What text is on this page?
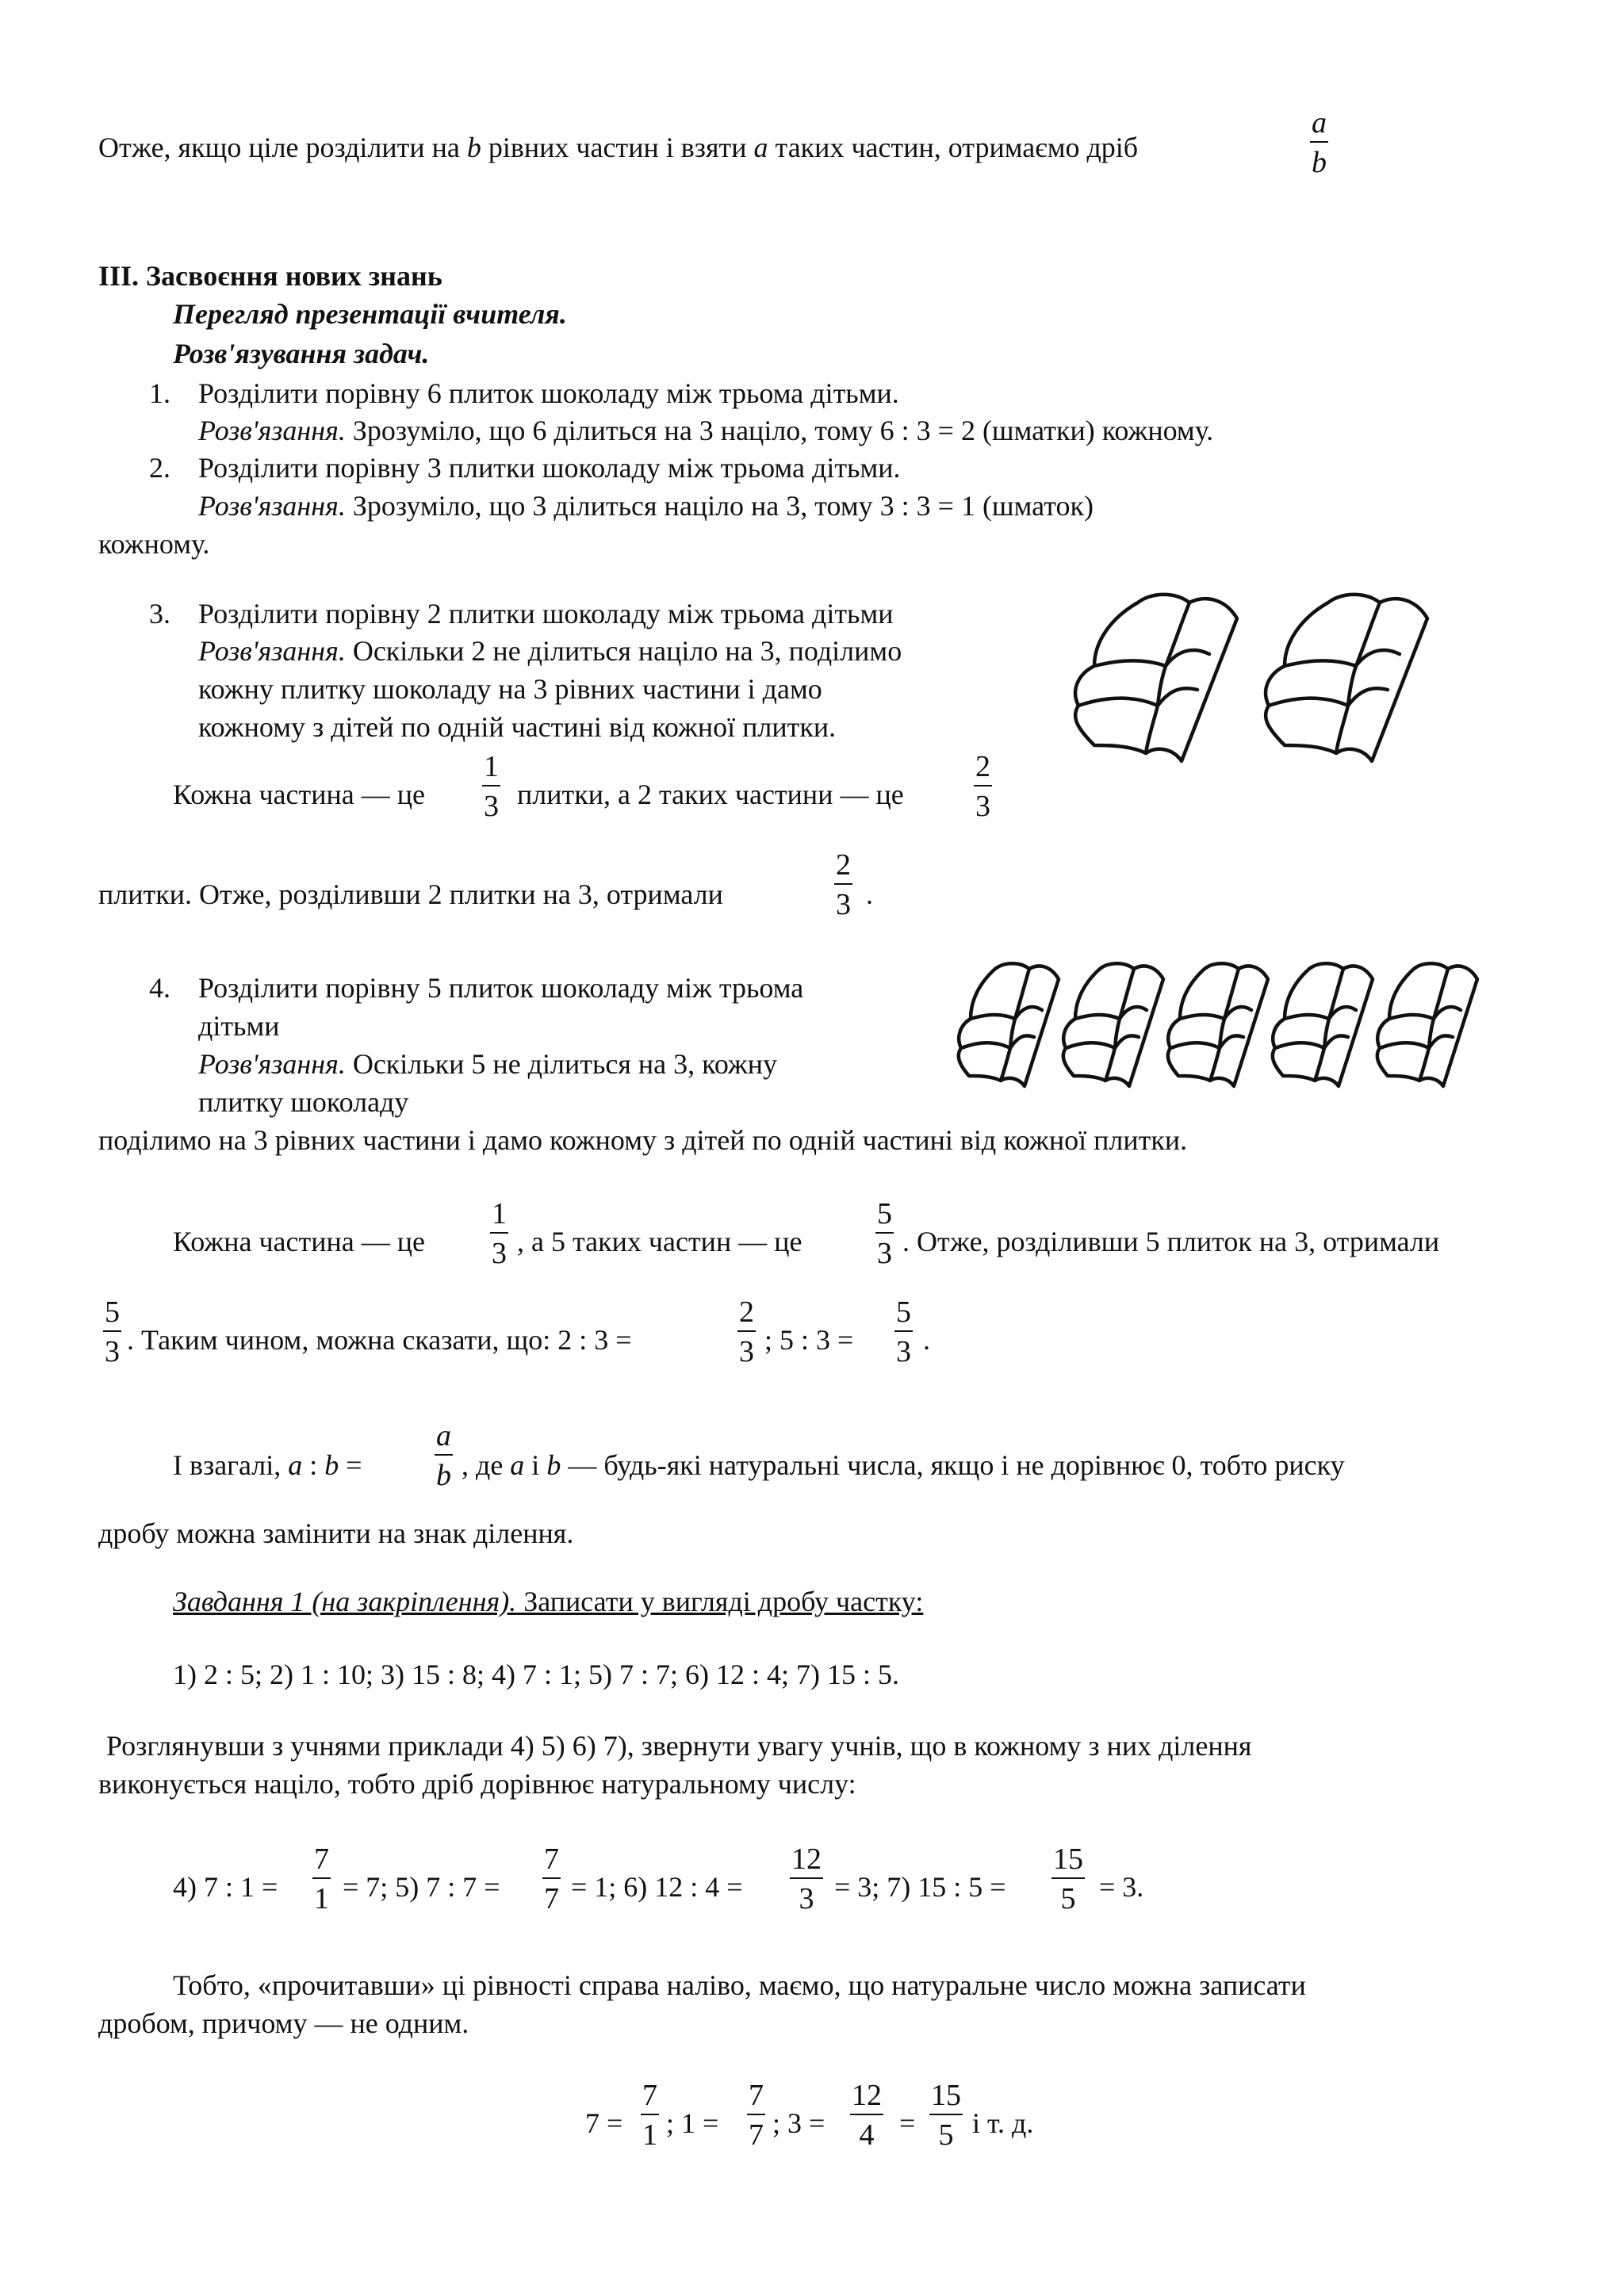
Отже, якщо ціле розділити на b рівних частин і взяти a таких частин, отримаємо дріб
a
b
ІІІ. Засвоєння нових знань
Перегляд презентації вчителя.
Розв'язування задач.
1. Розділити порівну 6 плиток шоколаду між трьома дітьми.
Розв'язання. Зрозуміло, що 6 ділиться на 3 націло, тому 6 : 3 = 2 (шматки) кожному.
2. Розділити порівну 3 плитки шоколаду між трьома дітьми.
Розв'язання. Зрозуміло, що 3 ділиться націло на 3, тому 3 : 3 = 1 (шматок)
кожному.
3. Розділити порівну 2 плитки шоколаду між трьома дітьми
Розв'язання. Оскільки 2 не ділиться націло на 3, поділимо
кожну плитку шоколаду на 3 рівних частини і дамо
кожному з дітей по одній частині від кожної плитки.
Кожна частина — це
1
3 плитки, а 2 таких частини — це
2
3
плитки. Отже, розділивши 2 плитки на 3, отримали
2
3 .
4. Розділити порівну 5 плиток шоколаду між трьома
дітьми
Розв'язання. Оскільки 5 не ділиться на 3, кожну
плитку шоколаду
поділимо на 3 рівних частини і дамо кожному з дітей по одній частині від кожної плитки.
Кожна частина — це
1
3 , а 5 таких частин — це
5
3 . Отже, розділивши 5 плиток на 3, отримали
5
3 . Таким чином, можна сказати, що: 2 : 3 =
2
3 ; 5 : 3 =
5
3 .
І взагалі, a : b =
a
b , де a і b — будь-які натуральні числа, якщо і не дорівнює 0, тобто риску
дробу можна замінити на знак ділення.
Завдання 1 (на закріплення). Записати у вигляді дробу частку:
1) 2 : 5; 2) 1 : 10; 3) 15 : 8; 4) 7 : 1; 5) 7 : 7; 6) 12 : 4; 7) 15 : 5.
Розглянувши з учнями приклади 4) 5) 6) 7), звернути увагу учнів, що в кожному з них ділення
виконується націло, тобто дріб дорівнює натуральному числу:
4) 7 : 1 =
7
1 = 7; 5) 7 : 7 =
7
7 = 1; 6) 12 : 4 =
12
3 = 3; 7) 15 : 5 =
15
5 = 3.
Тобто, «прочитавши» ці рівності справа наліво, маємо, що натуральне число можна записати
дробом, причому — не одним.
7 =
7
1 ; 1 =
7
7 ; 3 =
12
4 =
15
5 і т. д.
